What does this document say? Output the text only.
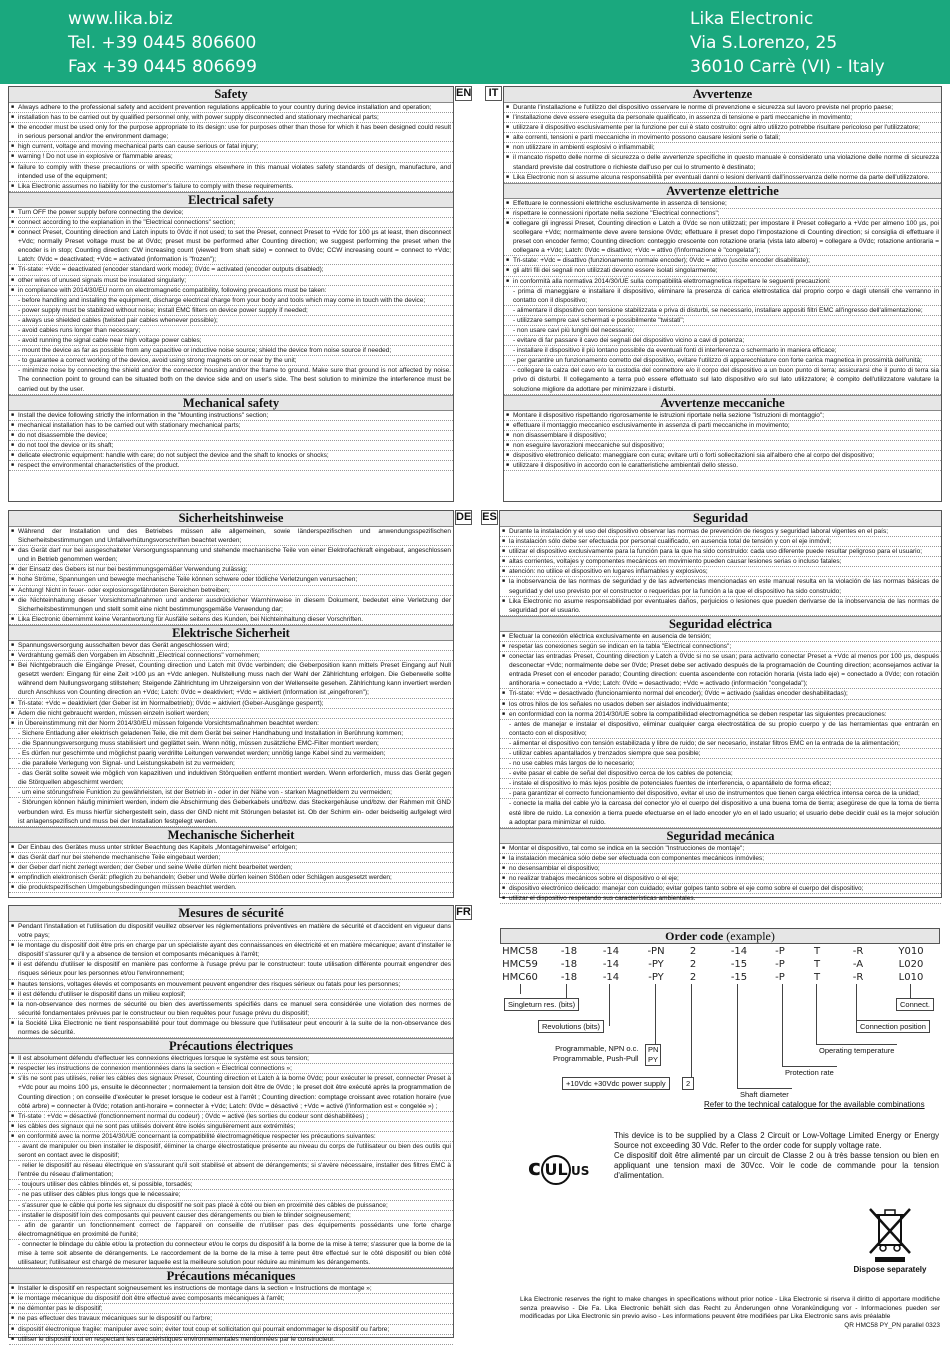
www.lika.biz
Tel. +39 0445 806600
Fax +39 0445 806699
Lika Electronic
Via S.Lorenzo, 25
36010 Carrè (VI) - Italy
Safety
■ Always adhere to the professional safety and accident prevention regulations applicable to your country during device installation and operation;
■ installation has to be carried out by qualified personnel only, with power supply disconnected and stationary mechanical parts;
■ the encoder must be used only for the purpose appropriate to its design: use for purposes other than those for which it has been designed could result in serious personal and/or the environment damage;
■ high current, voltage and moving mechanical parts can cause serious or fatal injury;
■ warning ! Do not use in explosive or flammable areas;
■ failure to comply with these precautions or with specific warnings elsewhere in this manual violates safety standards of design, manufacture, and intended use of the equipment;
■ Lika Electronic assumes no liability for the customer's failure to comply with these requirements.
Electrical safety
■ Turn OFF the power supply before connecting the device;
■ connect according to the explanation in the "Electrical connections" section;
■ connect Preset, Counting direction and Latch inputs to 0Vdc if not used; to set the Preset, connect Preset to +Vdc for 100 µs at least, then disconnect +Vdc; normally Preset voltage must be at 0Vdc; preset must be performed after Counting direction; we suggest performing the preset when the encoder is in stop; Counting direction: CW increasing count (viewed from shaft side) = connect to 0Vdc; CCW increasing count = connect to +Vdc; Latch: 0Vdc = deactivated; +Vdc = activated (information is "frozen");
■ Tri-state: +Vdc = deactivated (encoder standard work mode); 0Vdc = activated (encoder outputs disabled);
■ other wires of unused signals must be insulated singularly;
■ in compliance with 2014/30/EU norm on electromagnetic compatibility, following precautions must be taken:
- before handling and installing the equipment, discharge electrical charge from your body and tools which may come in touch with the device;
- power supply must be stabilized without noise; install EMC filters on device power supply if needed;
- always use shielded cables (twisted pair cables whenever possible);
- avoid cables runs longer than necessary;
- avoid running the signal cable near high voltage power cables;
- mount the device as far as possible from any capacitive or inductive noise source; shield the device from noise source if needed;
- to guarantee a correct working of the device, avoid using strong magnets on or near by the unit;
- minimize noise by connecting the shield and/or the connector housing and/or the frame to ground. Make sure that ground is not affected by noise. The connection point to ground can be situated both on the device side and on user's side. The best solution to minimize the interference must be carried out by the user.
Mechanical safety
■ Install the device following strictly the information in the "Mounting instructions" section;
■ mechanical installation has to be carried out with stationary mechanical parts;
■ do not disassemble the device;
■ do not tool the device or its shaft;
■ delicate electronic equipment: handle with care; do not subject the device and the shaft to knocks or shocks;
■ respect the environmental characteristics of the product.
EN	IT	Avvertenze
■ Durante l'installazione e l'utilizzo del dispositivo osservare le norme di prevenzione e sicurezza sul lavoro previste nel proprio paese;
■ l'installazione deve essere eseguita da personale qualificato, in assenza di tensione e parti meccaniche in movimento;
■ utilizzare il dispositivo esclusivamente per la funzione per cui è stato costruito: ogni altro utilizzo potrebbe risultare pericoloso per l'utilizzatore;
■ alte correnti, tensioni e parti meccaniche in movimento possono causare lesioni serie o fatali;
■ non utilizzare in ambienti esplosivi o infiammabili;
■ il mancato rispetto delle norme di sicurezza o delle avvertenze specifiche in questo manuale è considerato una violazione delle norme di sicurezza standard previste dal costruttore o richieste dall'uso per cui lo strumento è destinato;
■ Lika Electronic non si assume alcuna responsabilità per eventuali danni o lesioni derivanti dall'inosservanza delle norme da parte dell'utilizzatore.
Avvertenze elettriche
■ Effettuare le connessioni elettriche esclusivamente in assenza di tensione;
■ rispettare le connessioni riportate nella sezione "Electrical connections";
■ collegare gli ingressi Preset, Counting direction e Latch a 0Vdc se non utilizzati; per impostare il Preset collegarlo a +Vdc per almeno 100 µs, poi scollegare +Vdc; normalmente deve avere tensione 0Vdc; effettuare il preset dopo l'impostazione di Counting direction; si consiglia di effettuare il preset con encoder fermo; Counting direction: conteggio crescente con rotazione oraria (vista lato albero) = collegare a 0Vdc; rotazione antioraria = collegare a +Vdc; Latch: 0Vdc = disattivo; +Vdc = attivo (l'informazione è "congelata");
■ Tri-state: +Vdc = disattivo (funzionamento normale encoder); 0Vdc = attivo (uscite encoder disabilitate);
■ gli altri fili dei segnali non utilizzati devono essere isolati singolarmente;
■ in conformità alla normativa 2014/30/UE sulla compatibilità elettromagnetica rispettare le seguenti precauzioni:
- prima di maneggiare e installare il dispositivo, eliminare la presenza di carica elettrostatica dal proprio corpo e dagli utensili che verranno in contatto con il dispositivo;
- alimentare il dispositivo con tensione stabilizzata e priva di disturbi, se necessario, installare appositi filtri EMC all'ingresso dell'alimentazione;
- utilizzare sempre cavi schermati e possibilmente "twistati";
- non usare cavi più lunghi del necessario;
- evitare di far passare il cavo dei segnali del dispositivo vicino a cavi di potenza;
- installare il dispositivo il più lontano possibile da eventuali fonti di interferenza o schermarlo in maniera efficace;
- per garantire un funzionamento corretto del dispositivo, evitare l'utilizzo di apparecchiature con forte carica magnetica in prossimità dell'unità;
- collegare la calza del cavo e/o la custodia del connettore e/o il corpo del dispositivo a un buon punto di terra; assicurarsi che il punto di terra sia privo di disturbi. Il collegamento a terra può essere effettuato sul lato dispositivo e/o sul lato utilizzatore; è compito dell'utilizzatore valutare la soluzione migliore da adottare per minimizzare i disturbi.
Avvertenze meccaniche
■ Montare il dispositivo rispettando rigorosamente le istruzioni riportate nella sezione "Istruzioni di montaggio";
■ effettuare il montaggio meccanico esclusivamente in assenza di parti meccaniche in movimento;
■ non disassemblare il dispositivo;
■ non eseguire lavorazioni meccaniche sul dispositivo;
■ dispositivo elettronico delicato: maneggiare con cura; evitare urti o forti sollecitazioni sia all'albero che al corpo del dispositivo;
■ utilizzare il dispositivo in accordo con le caratteristiche ambientali dello stesso.
Sicherheitshinweise
■ Während der Installation und des Betriebes müssen alle allgemeinen, sowie länderspezifischen und anwendungsspezifischen Sicherheitsbestimmungen und Unfallverhütungsvorschriften beachtet werden;
■ das Gerät darf nur bei ausgeschalteter Versorgungsspannung und stehende mechanische Teile von einer Elektrofachkraft eingebaut, angeschlossen und in Betrieb genommen werden;
■ der Einsatz des Gebers ist nur bei bestimmungsgemäßer Verwendung zulässig;
■ hohe Ströme, Spannungen und bewegte mechanische Teile können schwere oder tödliche Verletzungen verursachen;
■ Achtung! Nicht in feuer- oder explosionsgefährdeten Bereichen betreiben;
■ die Nichteinhaltung dieser Vorsichtsmaßnahmen und anderer ausdrücklicher Warnhinweise in diesem Dokument, bedeutet eine Verletzung der Sicherheitsbestimmungen und stellt somit eine nicht bestimmungsgemäße Verwendung dar;
■ Lika Electronic übernimmt keine Verantwortung für Ausfälle seitens des Kunden, bei Nichteinhaltung dieser Vorschriften.
Elektrische Sicherheit
■ Spannungsversorgung ausschalten bevor das Gerät angeschlossen wird;
■ Verdrahtung gemäß den Vorgaben im Abschnitt „Electrical connections" vornehmen;
■ Bei Nichtgebrauch die Eingänge Preset, Counting direction und Latch mit 0Vdc verbinden; die Geberposition kann mittels Preset Eingang auf Null gesetzt werden: Eingang für eine Zeit >100 µs an +Vdc anlegen. Nullstellung muss nach der Wahl der Zählrichtung erfolgen. Die Geberwelle sollte während dem Nullungsvorgang stillstehen; Steigende Zählrichtung im Uhrzeigersinn von der Wellenseite gesehen. Zählrichtung kann invertiert werden durch Anschluss von Counting direction an +Vdc; Latch: 0Vdc = deaktiviert; +Vdc = aktiviert (Information ist „eingefroren");
■ Tri-state: +Vdc = deaktiviert (der Geber ist im Normalbetrieb); 0Vdc = aktiviert (Geber-Ausgänge gesperrt);
■ Adern die nicht gebraucht werden, müssen einzeln isoliert werden;
■ in Übereinstimmung mit der Norm 2014/30/EU müssen folgende Vorsichtsmaßnahmen beachtet werden:
- Sichere Entladung aller elektrisch geladenen Teile, die mit dem Gerät bei seiner Handhabung und Installation in Berührung kommen;
- die Spannungsversorgung muss stabilisiert und geglättet sein. Wenn nötig, müssen zusätzliche EMC-Filter montiert werden;
- Es dürfen nur geschirmte und möglichst paarig verdrillte Leitungen verwendet werden; unnötig lange Kabel sind zu vermeiden;
- die parallele Verlegung von Signal- und Leistungskabeln ist zu vermeiden;
- das Gerät sollte soweit wie möglich von kapazitiven und induktiven Störquellen entfernt montiert werden. Wenn erforderlich, muss das Gerät gegen die Störquellen abgeschirmt werden;
- um eine störungsfreie Funktion zu gewährleisten, ist der Betrieb in - oder in der Nähe von - starken Magnetfeldern zu vermeiden;
- Störungen können häufig minimiert werden, indem die Abschirmung des Geberkabels und/bzw. das Steckergehäuse und/bzw. der Rahmen mit GND verbunden wird. Es muss hierfür sichergestellt sein, dass der GND nicht mit Störungen belastet ist. Ob der Schirm ein- oder beidseitig aufgelegt wird ist anlagenspezifisch und muss bei der Installation festgelegt werden.
Mechanische Sicherheit
■ Der Einbau des Gerätes muss unter strikter Beachtung des Kapitels „Montagehinweise" erfolgen;
■ das Gerät darf nur bei stehende mechanische Teile eingebaut werden;
■ der Geber darf nicht zerlegt werden; der Geber und seine Welle dürfen nicht bearbeitet werden;
■ empfindlich elektronisch Gerät: pfleglich zu behandeln; Geber und Welle dürfen keinen Stößen oder Schlägen ausgesetzt werden;
■ die produktspezifischen Umgebungsbedingungen müssen beachtet werden.
DE ES	Seguridad
■ Durante la instalación y el uso del dispositivo observar las normas de prevención de riesgos y seguridad laboral vigentes en el país;
■ la instalación sólo debe ser efectuada por personal cualificado, en ausencia total de tensión y con el eje inmóvil;
■ utilizar el dispositivo exclusivamente para la función para la que ha sido construido: cada uso diferente puede resultar peligroso para el usuario;
■ altas corrientes, voltajes y componentes mecánicos en movimiento pueden causar lesiones serias o incluso fatales;
■ atención: no utilice el dispositivo en lugares inflamables y explosivos;
■ la inobservancia de las normas de seguridad y de las advertencias mencionadas en este manual resulta en la violación de las normas básicas de seguridad y del uso previsto por el constructor o requeridas por la función a la que el dispositivo ha sido construido;
■ Lika Electronic no asume responsabilidad por eventuales daños, perjuicios o lesiones que pueden derivarse de la inobservancia de las normas de seguridad por el usuario.
Seguridad eléctrica
■ Efectuar la conexión eléctrica exclusivamente en ausencia de tensión;
■ respetar las conexiones según se indican en la tabla "Electrical connections";
■ conectar las entradas Preset, Counting direction y Latch a 0Vdc si no se usan; para activarlo conectar Preset a +Vdc al menos por 100 µs, después desconectar +Vdc; normalmente debe ser 0Vdc; Preset debe ser activado después de la programación de Counting direction; aconsejamos activar la entrada Preset con el encoder parado; Counting direction: cuenta ascendente con rotación horaria (vista lado eje) = conectado a 0Vdc; con rotación antihoraria = conectado a +Vdc; Latch: 0Vdc = desactivado; +Vdc = activado (información "congelada");
■ Tri-state: +Vdc = desactivado (funcionamiento normal del encoder); 0Vdc = activado (salidas encoder deshabilitadas);
■ los otros hilos de los señales no usados deben ser aislados individualmente;
■ en conformidad con la norma 2014/30/UE sobre la compatibilidad electromagnética se deben respetar las siguientes precauciones:
- antes de manejar e instalar el dispositivo, eliminar cualquier carga electrostática de su propio cuerpo y de las herramientas que entrarán en contacto con el dispositivo;
- alimentar el dispositivo con tensión estabilizada y libre de ruido; de ser necesario, instalar filtros EMC en la entrada de la alimentación;
- utilizar cables apantallados y trenzados siempre que sea posible;
- no use cables más largos de lo necesario;
- evite pasar el cable de señal del dispositivo cerca de los cables de potencia;
- instale el dispositivo lo más lejos posible de potenciales fuentes de interferencia, o apantállelo de forma eficaz;
- para garantizar el correcto funcionamiento del dispositivo, evitar el uso de instrumentos que tienen carga eléctrica intensa cerca de la unidad;
- conecte la malla del cable y/o la carcasa del conector y/o el cuerpo del dispositivo a una buena toma de tierra; asegúrese de que la toma de tierra esté libre de ruido. La conexión a tierra puede efectuarse en el lado encoder y/o en el lado usuario; el usuario debe decidir cuál es la mejor solución a adoptar para minimizar el ruido.
Seguridad mecánica
■ Montar el dispositivo, tal como se indica en la sección "Instrucciones de montaje";
■ la instalación mecánica sólo debe ser efectuada con componentes mecánicos inmóviles;
■ no desensamblar el dispositivo;
■ no realizar trabajos mecánicos sobre el dispositivo o el eje;
■ dispositivo electrónico delicado: manejar con cuidado; evitar golpes tanto sobre el eje como sobre el cuerpo del dispositivo;
■ utilizar el dispositivo respetando sus características ambientales.
Mesures de sécurité
■ Pendant l'installation et l'utilisation du dispositif veuillez observer les réglementations préventives en matière de sécurité et d'accident en vigueur dans votre pays;
■ le montage du dispositif doit être pris en charge par un spécialiste ayant des connaissances en électricité et en matière mécanique; avant d'installer le dispositif s'assurer qu'il y a absence de tension et composants mécaniques à l'arrêt;
■ il est défendu d'utiliser le dispositif en manière pas conforme à l'usage prévu par le constructeur: toute utilisation différente pourrait engendrer des risques sérieux pour les personnes et/ou l'environnement;
■ hautes tensions, voltages élevés et composants en mouvement peuvent engendrer des risques sérieux ou fatals pour les personnes;
■ il est défendu d'utiliser le dispositif dans un milieu explosif;
■ la non-observance des normes de sécurité ou bien des avertissements spécifiés dans ce manuel sera considérée une violation des normes de sécurité fondamentales prévues par le constructeur ou bien requêtes pour l'usage prévu du dispositif;
■ la Société Lika Electronic ne tient responsabilité pour tout dommage ou blessure que l'utilisateur peut encourir à la suite de la non-observance des normes de sécurité.
Précautions électriques
■ Il est absolument défendu d'effectuer les connexions électriques lorsque le système est sous tension;
■ respecter les instructions de connexion mentionnées dans la section « Electrical connections »;
■ s'ils ne sont pas utilisés, relier les câbles des signaux Preset, Counting direction et Latch à la borne 0Vdc; pour exécuter le preset, connecter Preset à +Vdc pour au moins 100 µs, ensuite le déconnecter ; normalement la tension doit être de 0Vdc ; le preset doit être exécuté après la programmation de Counting direction ; on conseille d'exécuter le preset lorsque le codeur est à l'arrêt ; Counting direction: comptage croissant avec rotation horaire (vue côté arbre) = connecter à 0Vdc; rotation anti-horaire = connecter à +Vdc; Latch: 0Vdc = désactivé ; +Vdc = activé (l'information est « congelée ») ;
■ Tri-state : +Vdc = désactivé (fonctionnement normal du codeur) ; 0Vdc = activé (les sorties du codeur sont déshabilitées) ;
■ les câbles des signaux qui ne sont pas utilisés doivent être isolés singulièrement aux extrémités;
■ en conformité avec la norme 2014/30/UE concernant la compatibilité électromagnétique respecter les précautions suivantes:
- avant de manipuler ou bien installer le dispositif, éliminer la charge électrostatique présente au niveau du corps de l'utilisateur ou bien des outils qui seront en contact avec le dispositif;
- relier le dispositif au réseau électrique en s'assurant qu'il soit stabilisé et absent de dérangements; si s'avère nécessaire, installer des filtres EMC à l'entrée du réseau d'alimentation;
- toujours utiliser des câbles blindés et, si possible, torsadés;
- ne pas utiliser des câbles plus longs que le nécessaire;
- s'assurer que le câble qui porte les signaux du dispositif ne soit pas placé à côté ou bien en proximité des câbles de puissance;
- installer le dispositif loin des composants qui peuvent causer des dérangements ou bien le blinder soigneusement;
- afin de garantir un fonctionnement correct de l'appareil on conseille de n'utiliser pas des équipements possédants une forte charge électromagnétique en proximité de l'unité;
- connecter le blindage du câble et/ou la protection du connecteur et/ou le corps du dispositif à la borne de la mise à terre; s'assurer que la borne de la mise à terre soit absente de dérangements. Le raccordement de la borne de la mise à terre peut être effectué sur le côté dispositif ou bien côté utilisateur; l'utilisateur est chargé de mesurer laquelle est la meilleure solution pour réduire au minimum les dérangements.
Précautions mécaniques
■ Installer le dispositif en respectant soigneusement les instructions de montage dans la section « Instructions de montage »;
■ le montage mécanique du dispositif doit être effectué avec composants mécaniques à l'arrêt;
■ ne démonter pas le dispositif;
■ ne pas effectuer des travaux mécaniques sur le dispositif ou l'arbre;
■ dispositif électronique fragile: manipuler avec soin; éviter tout coup et sollicitation qui pourrait endommager le dispositif ou l'arbre;
■ utiliser le dispositif tout en respectant les caractéristiques environnementales mentionnées par le constructeur.
FR
Order code (example)
HMC58	-18	-14	-PN	2	-14	-P	T	-R	Y010
HMC59	-18	-14	-PY	2	-15	-P	T	-A	L020
HMC60	-18	-14	-PY	2	-15	-P	T	-R	L010
Singleturn res. (bits)
Revolutions (bits)
Programmable, NPN o.c.
Programmable, Push-Pull
PN
PY
+10Vdc +30Vdc power supply	2
Shaft diameter
Protection rate
Operating temperature
Connection position
Connect.
Refer to the technical catalogue for the available combinations
c UL US

This device is to be supplied by a Class 2 Circuit or Low-Voltage Limited Energy or Energy Source not exceeding 30 Vdc. Refer to the order code for supply voltage rate.

Ce dispositif doit être alimenté par un circuit de Classe 2 ou à très basse tension ou bien en appliquant une tension maxi de 30Vcc. Voir le code de commande pour la tension d'alimentation.

Dispose separately

Lika Electronic reserves the right to make changes in specifications without prior notice - Lika Electronic si riserva il diritto di apportare modifiche senza preavviso - Die Fa. Lika Electronic behält sich das Recht zu Änderungen ohne Vorankündigung vor - Informaciones pueden ser modificadas por Lika Electronic sin previo aviso - Les informations peuvent être modifiées par Lika Electronic sans avis préalable

QR HMC58 PY_PN parallel 0323
